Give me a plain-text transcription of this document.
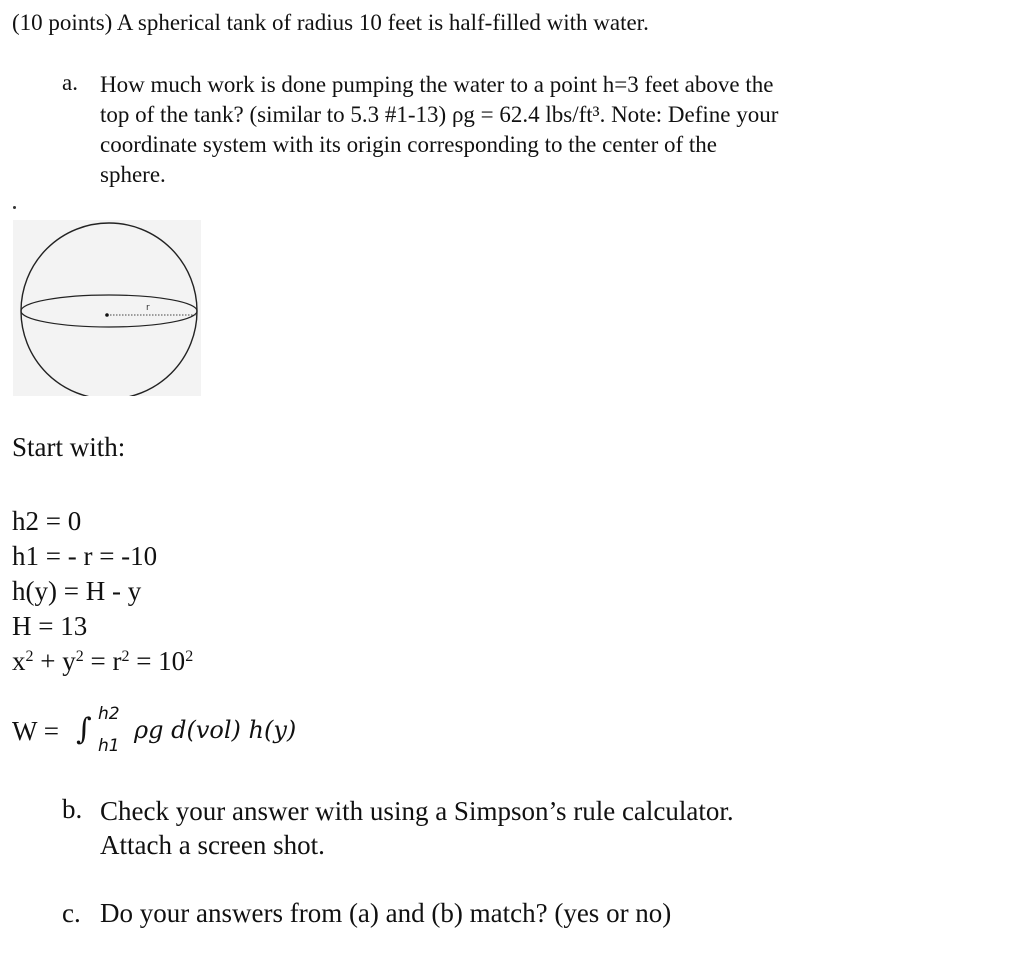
(10 points) A spherical tank of radius 10 feet is half-filled with water.
a. How much work is done pumping the water to a point h=3 feet above the
top of the tank? (similar to 5.3 #1-13) ρg = 62.4 lbs/ft³. Note: Define your
coordinate system with its origin corresponding to the center of the
sphere.
r
Start with:
h2 = 0
h1 = - r = -10
h(y) = H - y
H = 13
$x^2 + y^2 = r^2 = 10^2$
W = ∫ h2
h1
ρg d(vol) h(y)
b. Check your answer with using a Simpson’s rule calculator.
Attach a screen shot.
c. Do your answers from (a) and (b) match? (yes or no)
